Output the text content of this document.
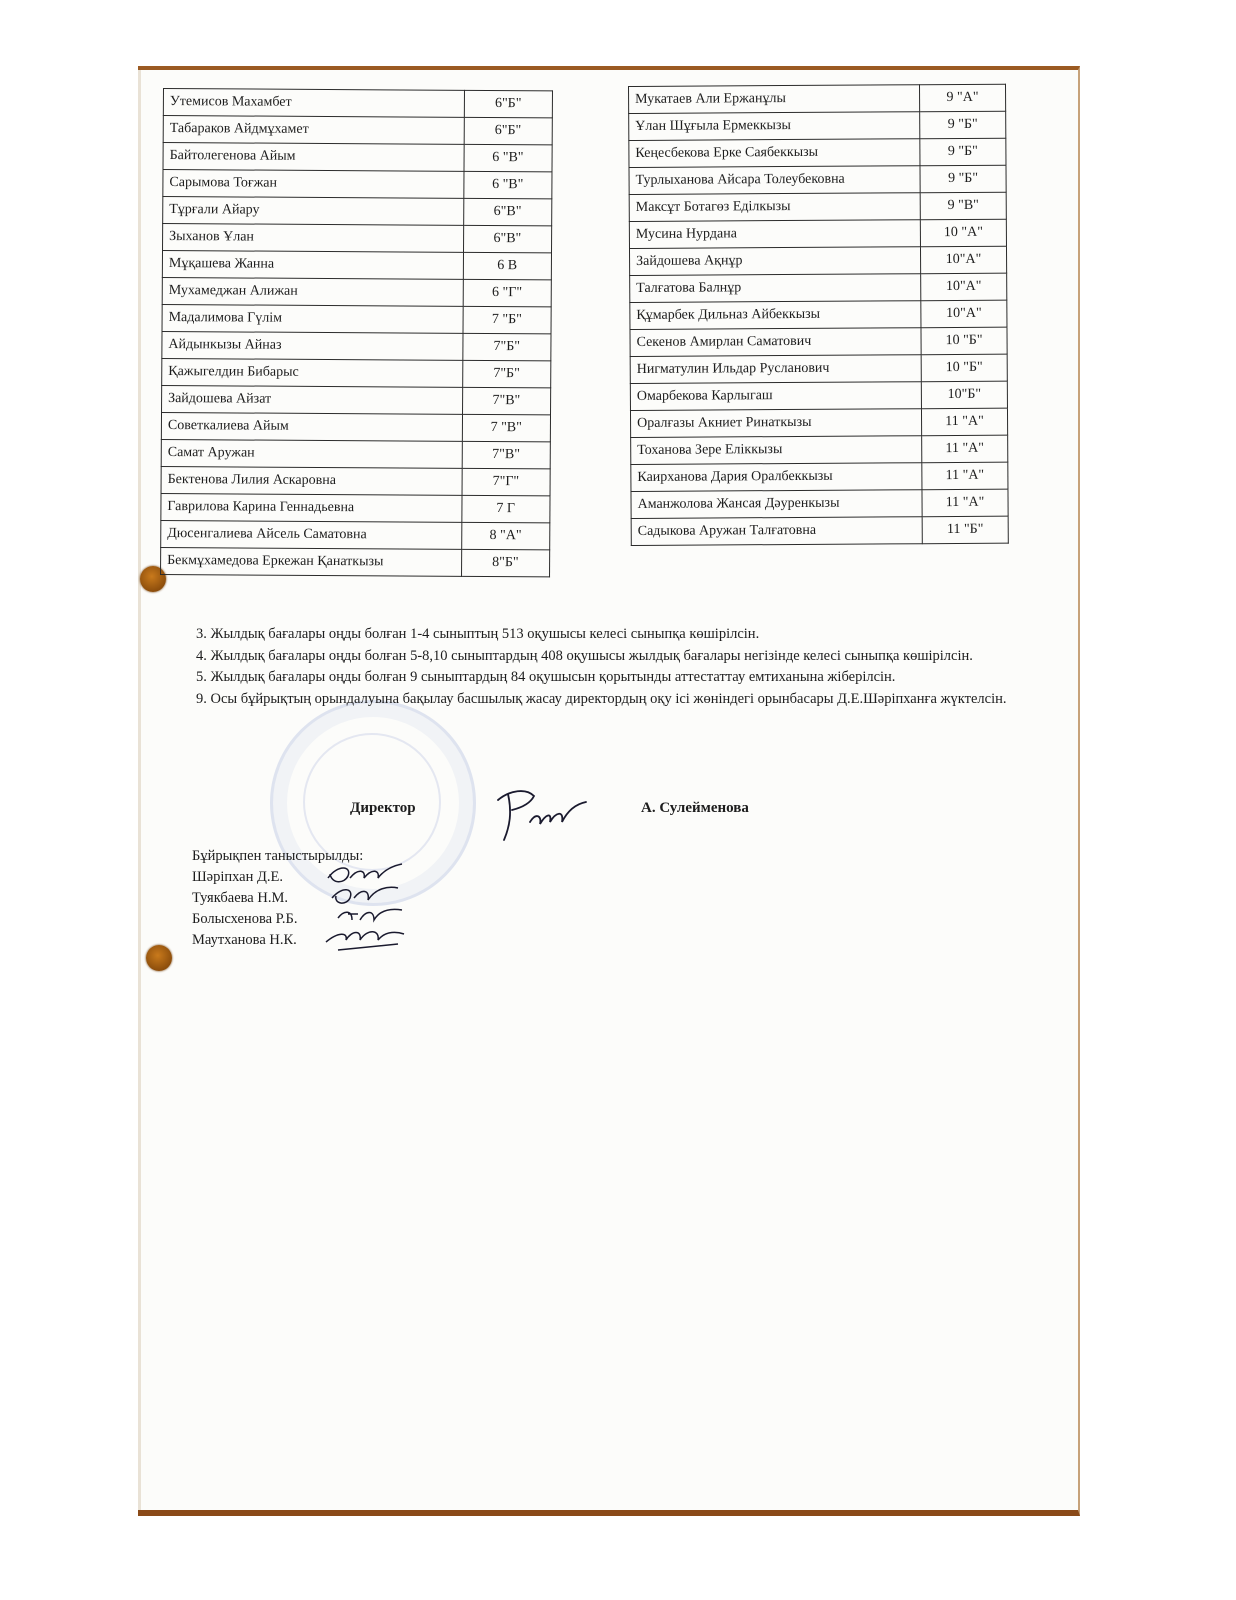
Утемисов Махамбет	6"Б"
Табараков Айдмұхамет	6"Б"
Байтолегенова Айым	6 "В"
Сарымова Тоғжан	6 "В"
Тұрғали Айару	6"В"
Зыханов Ұлан	6"В"
Мұқашева Жанна	6 В
Мухамеджан Алижан	6 "Г"
Мадалимова Гүлім	7 "Б"
Айдынкызы Айназ	7"Б"
Қажыгелдин Бибарыс	7"Б"
Зайдошева Айзат	7"В"
Советкалиева Айым	7 "В"
Самат Аружан	7"В"
Бектенова Лилия Аскаровна	7"Г"
Гаврилова Карина Геннадьевна	7 Г
Дюсенгалиева Айсель Саматовна	8 "А"
Бекмұхамедова Еркежан Қанаткызы	8"Б"
Мукатаев Али Ержанұлы	9 "А"
Ұлан Шұғыла Ермеккызы	9 "Б"
Кеңесбекова Ерке Саябеккызы	9 "Б"
Турлыханова Айсара Толеубековна	9 "Б"
Максұт Ботагөз Еділкызы	9 "В"
Мусина Нурдана	10 "А"
Зайдошева Ақнұр	10"А"
Талғатова Балнұр	10"А"
Құмарбек Дильназ Айбеккызы	10"А"
Секенов Амирлан Саматович	10 "Б"
Нигматулин Ильдар Русланович	10 "Б"
Омарбекова Карлыгаш	10"Б"
Оралғазы Акниет Ринаткызы	11 "А"
Тоханова Зере Еліккызы	11 "А"
Каирханова Дария Оралбеккызы	11 "А"
Аманжолова Жансая Дәуренкызы	11 "А"
Садыкова Аружан Талғатовна	11 "Б"

3. Жылдық бағалары оңды болған 1-4 сыныптың 513 оқушысы келесі сыныпқа көшірілсін.

4. Жылдық бағалары оңды болған 5-8,10 сыныптардың 408 оқушысы жылдық бағалары негізінде келесі сыныпқа көшірілсін.

5. Жылдық бағалары оңды болған 9 сыныптардың 84 оқушысын қорытынды аттестаттау емтиханына жіберілсін.

9. Осы бұйрықтың орындалуына бақылау басшылық жасау директордың оқу ісі жөніндегі орынбасары Д.Е.Шәріпханға жүктелсін.

Директор	А. Сулейменова
Бұйрықпен таныстырылды:
Шәріпхан Д.Е.
Туякбаева Н.М.
Болысхенова Р.Б.
Маутханова Н.К.
